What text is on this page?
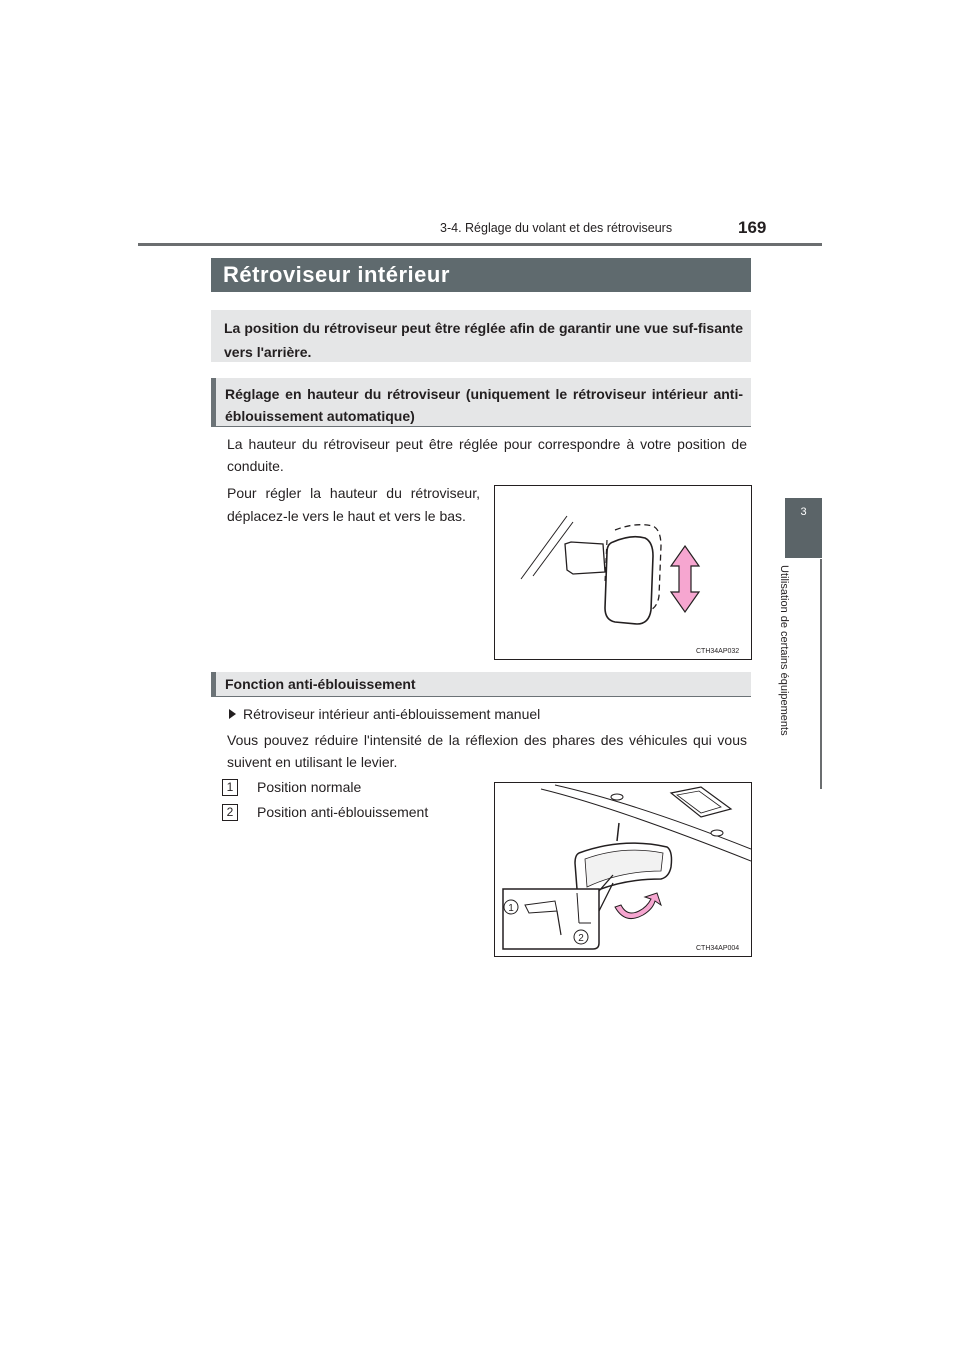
3-4. Réglage du volant et des rétroviseurs	169
3
Utilisation de certains équipements
Rétroviseur intérieur
La position du rétroviseur peut être réglée afin de garantir une vue suf-fisante vers l'arrière.
Réglage en hauteur du rétroviseur (uniquement le rétroviseur intérieur anti-éblouissement automatique)
La hauteur du rétroviseur peut être réglée pour correspondre à votre position de conduite.
Pour régler la hauteur du rétroviseur, déplacez-le vers le haut et vers le bas.
CTH34AP032
Fonction anti-éblouissement
Rétroviseur intérieur anti-éblouissement manuel
Vous pouvez réduire l'intensité de la réflexion des phares des véhicules qui vous suivent en utilisant le levier.
1	Position normale
2	Position anti-éblouissement
1
2
CTH34AP004
